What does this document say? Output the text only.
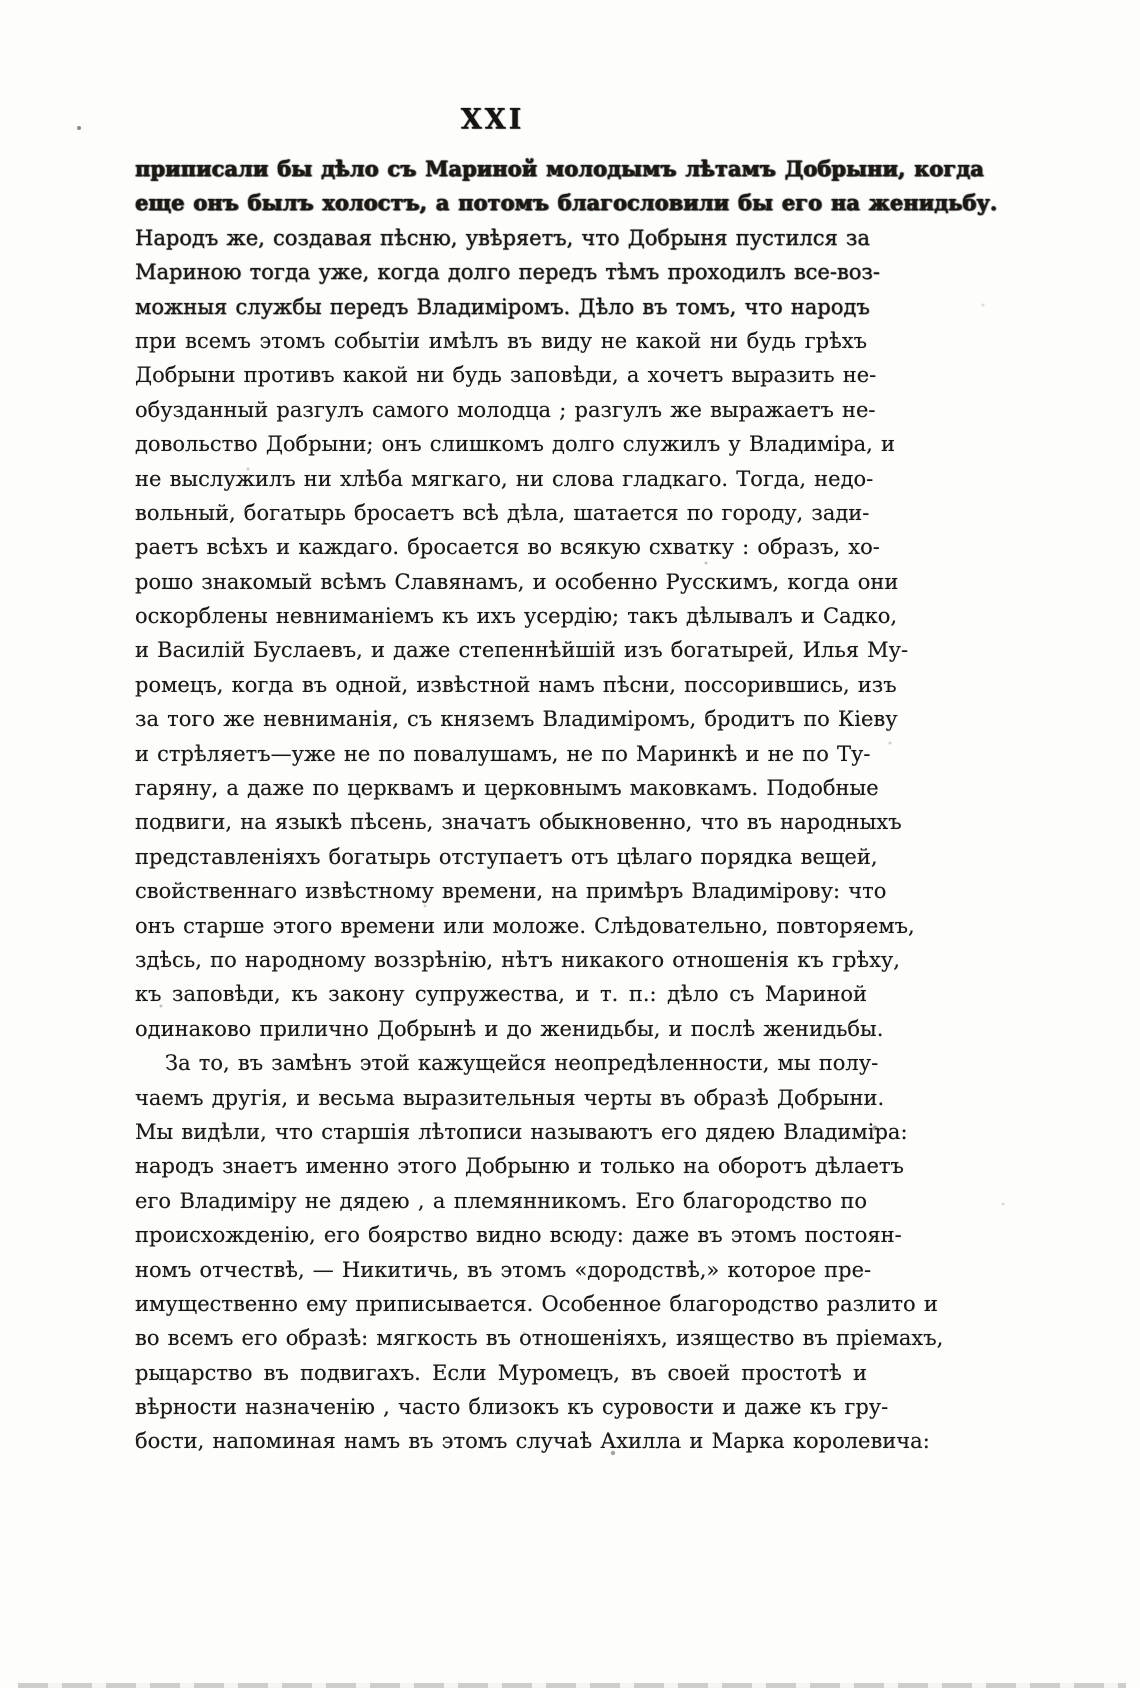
XXI
приписали бы дѣло съ Мариной молодымъ лѣтамъ Добрыни, когда
еще онъ былъ холостъ, а потомъ благословили бы его на женидьбу.
Народъ же, создавая пѣсню, увѣряетъ, что Добрыня пустился за
Мариною тогда уже, когда долго передъ тѣмъ проходилъ все-воз-
можныя службы передъ Владиміромъ. Дѣло въ томъ, что народъ
при всемъ этомъ событіи имѣлъ въ виду не какой ни будь грѣхъ
Добрыни противъ какой ни будь заповѣди, а хочетъ выразить не-
обузданный разгулъ самого молодца ; разгулъ же выражаетъ не-
довольство Добрыни; онъ слишкомъ долго служилъ у Владиміра, и
не выслужилъ ни хлѣба мягкаго, ни слова гладкаго. Тогда, недо-
вольный, богатырь бросаетъ всѣ дѣла, шатается по городу, зади-
раетъ всѣхъ и каждаго. бросается во всякую схватку : образъ, хо-
рошо знакомый всѣмъ Славянамъ, и особенно Русскимъ, когда они
оскорблены невниманіемъ къ ихъ усердію; такъ дѣлывалъ и Садко,
и Василій Буслаевъ, и даже степеннѣйшій изъ богатырей, Илья Му-
ромецъ, когда въ одной, извѣстной намъ пѣсни, поссорившись, изъ
за того же невниманія, съ княземъ Владиміромъ, бродитъ по Кіеву
и стрѣляетъ—уже не по повалушамъ, не по Маринкѣ и не по Ту-
гаряну, а даже по церквамъ и церковнымъ маковкамъ. Подобные
подвиги, на языкѣ пѣсень, значатъ обыкновенно, что въ народныхъ
представленіяхъ богатырь отступаетъ отъ цѣлаго порядка вещей,
свойственнаго извѣстному времени, на примѣръ Владимірову: что
онъ старше этого времени или моложе. Слѣдовательно, повторяемъ,
здѣсь, по народному воззрѣнію, нѣтъ никакого отношенія къ грѣху,
къ заповѣди, къ закону супружества, и т. п.: дѣло съ Мариной
одинаково прилично Добрынѣ и до женидьбы, и послѣ женидьбы.
За то, въ замѣнъ этой кажущейся неопредѣленности, мы полу-
чаемъ другія, и весьма выразительныя черты въ образѣ Добрыни.
Мы видѣли, что старшія лѣтописи называютъ его дядею Владиміра:
народъ знаетъ именно этого Добрыню и только на оборотъ дѣлаетъ
его Владиміру не дядею , а племянникомъ. Его благородство по
происхожденію, его боярство видно всюду: даже въ этомъ постоян-
номъ отчествѣ, — Никитичь, въ этомъ «дородствѣ,» которое пре-
имущественно ему приписывается. Особенное благородство разлито и
во всемъ его образѣ: мягкость въ отношеніяхъ, изящество въ пріемахъ,
рыцарство въ подвигахъ. Если Муромецъ, въ своей простотѣ и
вѣрности назначенію , часто близокъ къ суровости и даже къ гру-
бости, напоминая намъ въ этомъ случаѣ Ахилла и Марка королевича:
